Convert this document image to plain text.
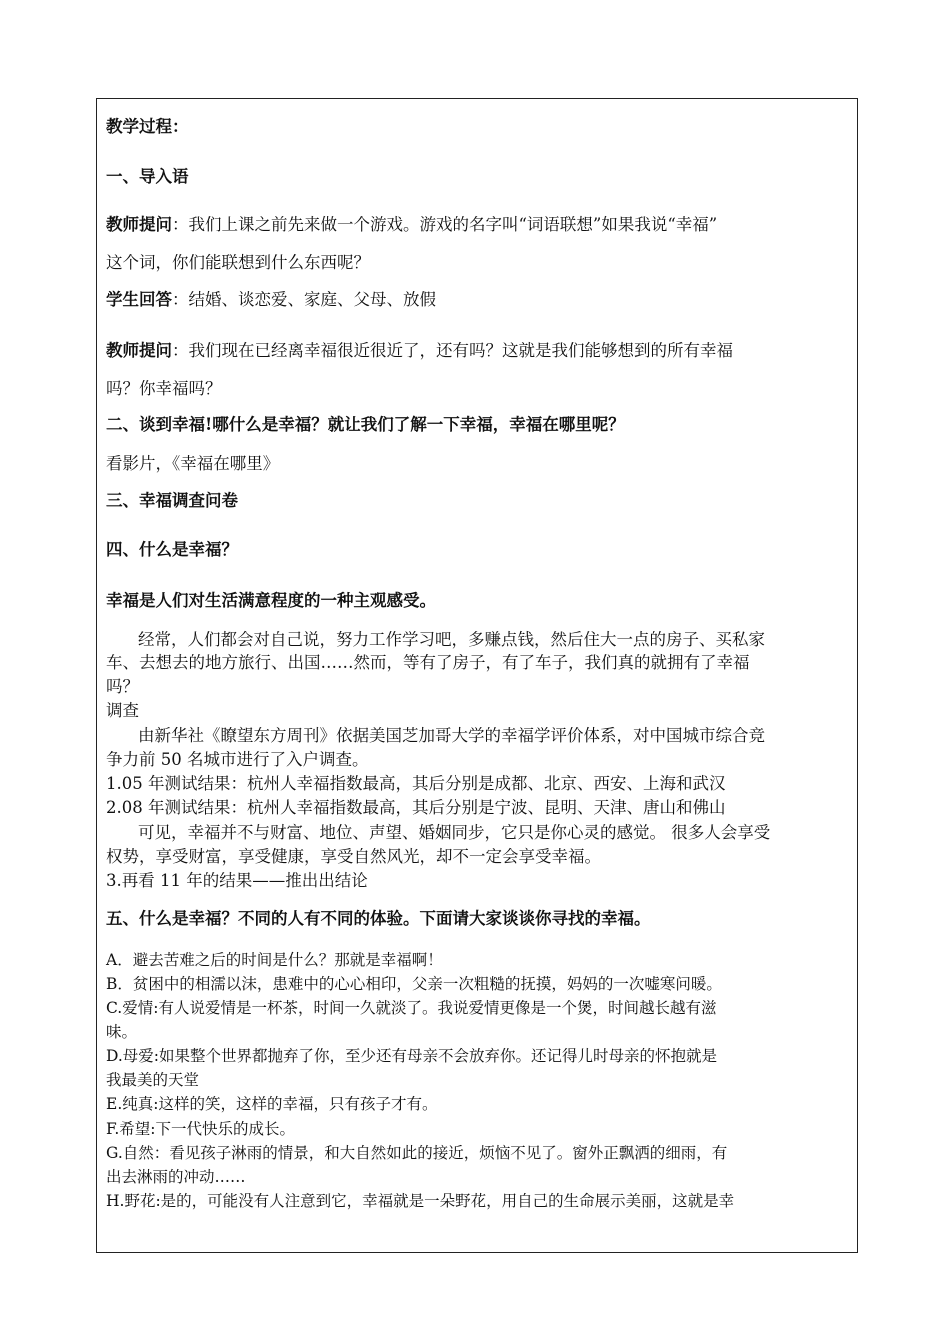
教学过程：
一、导入语
教师提问：我们上课之前先来做一个游戏。游戏的名字叫“词语联想”如果我说“幸福”
这个词，你们能联想到什么东西呢？
学生回答：结婚、谈恋爱、家庭、父母、放假
教师提问：我们现在已经离幸福很近很近了，还有吗？这就是我们能够想到的所有幸福
吗？你幸福吗？
二、谈到幸福!哪什么是幸福？就让我们了解一下幸福，幸福在哪里呢？
看影片，《幸福在哪里》
三、幸福调查问卷
四、什么是幸福？
幸福是人们对生活满意程度的一种主观感受。
经常，人们都会对自己说，努力工作学习吧，多赚点钱，然后住大一点的房子、买私家
车、去想去的地方旅行、出国……然而，等有了房子，有了车子，我们真的就拥有了幸福
吗？
调查
由新华社《瞭望东方周刊》依据美国芝加哥大学的幸福学评价体系，对中国城市综合竞
争力前 50 名城市进行了入户调查。
1.05 年测试结果：杭州人幸福指数最高，其后分别是成都、北京、西安、上海和武汉
2.08 年测试结果：杭州人幸福指数最高，其后分别是宁波、昆明、天津、唐山和佛山
可见，幸福并不与财富、地位、声望、婚姻同步，它只是你心灵的感觉。 很多人会享受
权势，享受财富，享受健康，享受自然风光，却不一定会享受幸福。
3.再看 11 年的结果——推出出结论
五、什么是幸福？不同的人有不同的体验。下面请大家谈谈你寻找的幸福。
A．避去苦难之后的时间是什么？那就是幸福啊！
B．贫困中的相濡以沫，患难中的心心相印，父亲一次粗糙的抚摸，妈妈的一次嘘寒问暖。
C.爱情:有人说爱情是一杯茶，时间一久就淡了。我说爱情更像是一个煲，时间越长越有滋
味。
D.母爱:如果整个世界都抛弃了你，至少还有母亲不会放弃你。还记得儿时母亲的怀抱就是
我最美的天堂
E.纯真:这样的笑，这样的幸福，只有孩子才有。
F.希望:下一代快乐的成长。
G.自然：看见孩子淋雨的情景，和大自然如此的接近，烦恼不见了。窗外正飘洒的细雨，有
出去淋雨的冲动……
H.野花:是的，可能没有人注意到它，幸福就是一朵野花，用自己的生命展示美丽，这就是幸
